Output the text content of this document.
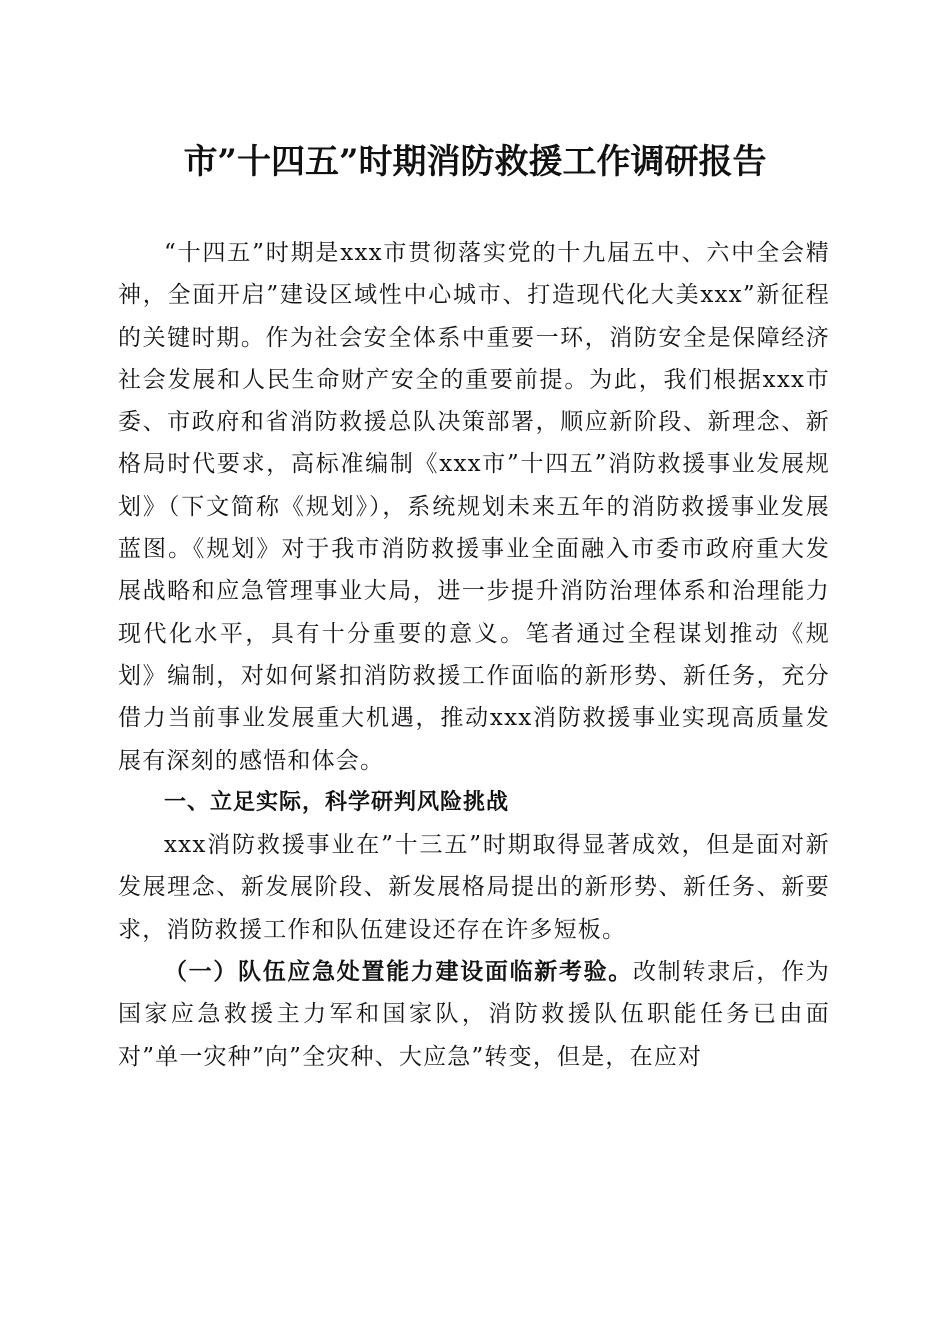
市”十四五”时期消防救援工作调研报告

“十四五”时期是xxx市贯彻落实党的十九届五中、六中全会精神，全面开启”建设区域性中心城市、打造现代化大美xxx”新征程的关键时期。作为社会安全体系中重要一环，消防安全是保障经济社会发展和人民生命财产安全的重要前提。为此，我们根据xxx市委、市政府和省消防救援总队决策部署，顺应新阶段、新理念、新格局时代要求，高标准编制《xxx市”十四五”消防救援事业发展规划》（下文简称《规划》），系统规划未来五年的消防救援事业发展蓝图。《规划》对于我市消防救援事业全面融入市委市政府重大发展战略和应急管理事业大局，进一步提升消防治理体系和治理能力现代化水平，具有十分重要的意义。笔者通过全程谋划推动《规划》编制，对如何紧扣消防救援工作面临的新形势、新任务，充分借力当前事业发展重大机遇，推动xxx消防救援事业实现高质量发展有深刻的感悟和体会。

一、立足实际，科学研判风险挑战

xxx消防救援事业在”十三五”时期取得显著成效，但是面对新发展理念、新发展阶段、新发展格局提出的新形势、新任务、新要求，消防救援工作和队伍建设还存在许多短板。

（一）队伍应急处置能力建设面临新考验。改制转隶后，作为国家应急救援主力军和国家队，消防救援队伍职能任务已由面对”单一灾种”向”全灾种、大应急”转变，但是，在应对
